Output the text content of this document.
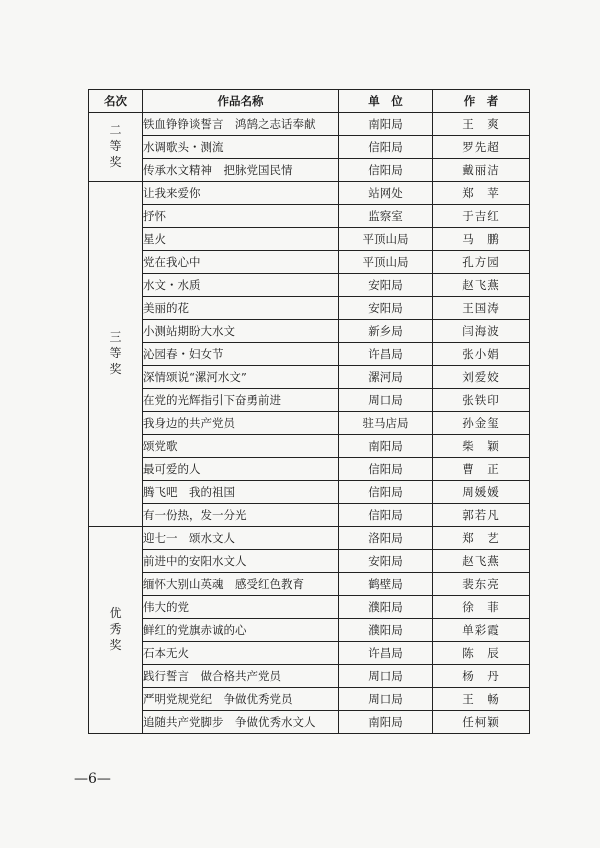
名次	作品名称	单　位	作　者
二等奖	铁血铮铮谈誓言　鸿鹄之志话奉献	南阳局	王　爽
	水调歌头・测流	信阳局	罗先超
	传承水文精神　把脉党国民情	信阳局	戴丽洁
三等奖	让我来爱你	站网处	郑　苹
	抒怀	监察室	于吉红
	星火	平顶山局	马　鹏
	党在我心中	平顶山局	孔方园
	水文・水质	安阳局	赵飞燕
	美丽的花	安阳局	王国涛
	小测站期盼大水文	新乡局	闫海波
	沁园春・妇女节	许昌局	张小娟
	深情颂说“漯河水文”	漯河局	刘爱姣
	在党的光辉指引下奋勇前进	周口局	张铁印
	我身边的共产党员	驻马店局	孙金玺
	颂党歌	南阳局	柴　颖
	最可爱的人	信阳局	曹　正
	腾飞吧　我的祖国	信阳局	周媛媛
	有一份热，发一分光	信阳局	郭若凡
优秀奖	迎七一　颂水文人	洛阳局	郑　艺
	前进中的安阳水文人	安阳局	赵飞燕
	缅怀大别山英魂　感受红色教育	鹤壁局	裴东亮
	伟大的党	濮阳局	徐　菲
	鲜红的党旗赤诚的心	濮阳局	单彩霞
	石本无火	许昌局	陈　辰
	践行誓言　做合格共产党员	周口局	杨　丹
	严明党规党纪　争做优秀党员	周口局	王　畅
	追随共产党脚步　争做优秀水文人	南阳局	任柯颖
—6—
